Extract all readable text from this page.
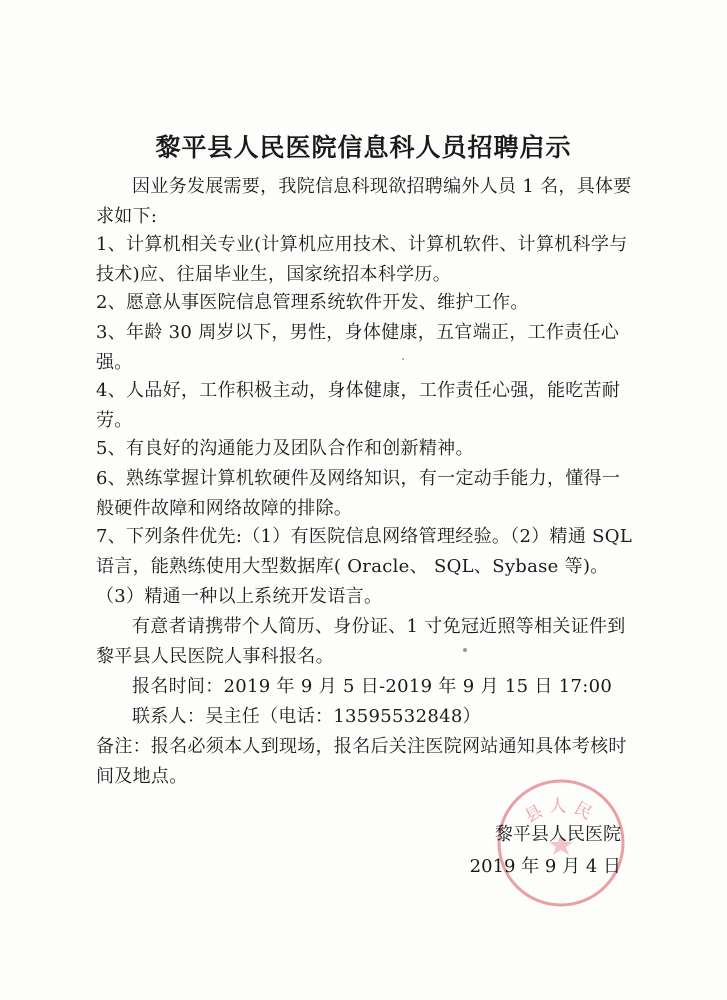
黎平县人民医院信息科人员招聘启示
因业务发展需要，我院信息科现欲招聘编外人员 1 名，具体要求如下:
1、计算机相关专业(计算机应用技术、计算机软件、计算机科学与技术)应、往届毕业生，国家统招本科学历。
2、愿意从事医院信息管理系统软件开发、维护工作。
3、年龄 30 周岁以下，男性，身体健康，五官端正，工作责任心强。
4、人品好，工作积极主动，身体健康，工作责任心强，能吃苦耐劳。
5、有良好的沟通能力及团队合作和创新精神。
6、熟练掌握计算机软硬件及网络知识，有一定动手能力，懂得一般硬件故障和网络故障的排除。
7、下列条件优先:（1）有医院信息网络管理经验。（2）精通 SQL 语言，能熟练使用大型数据库( Oracle、 SQL、Sybase 等)。（3）精通一种以上系统开发语言。
有意者请携带个人简历、身份证、1 寸免冠近照等相关证件到黎平县人民医院人事科报名。
报名时间：2019 年 9 月 5 日-2019 年 9 月 15 日 17:00
联系人：吴主任（电话：13595532848）
备注：报名必须本人到现场，报名后关注医院网站通知具体考核时间及地点。
县人民
黎平县人民医院
2019 年 9 月 4 日
